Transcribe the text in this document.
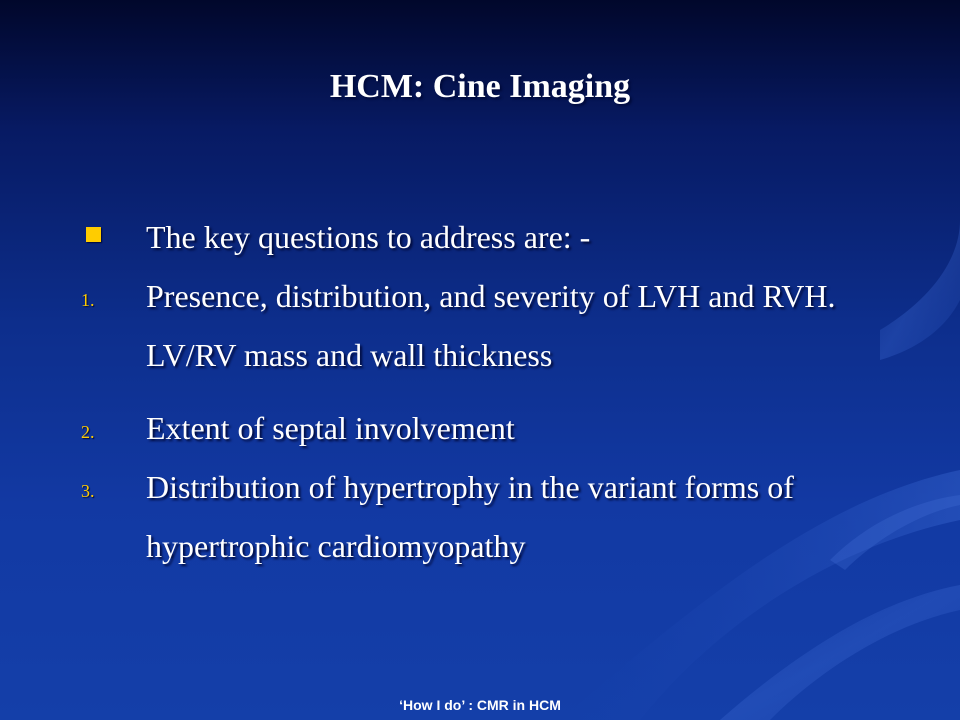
HCM: Cine Imaging
The key questions to address are: -
1. Presence, distribution, and severity of LVH and RVH. LV/RV mass and wall thickness
2. Extent of septal involvement
3. Distribution of hypertrophy in the variant forms of hypertrophic cardiomyopathy
‘How I do’ : CMR in HCM
